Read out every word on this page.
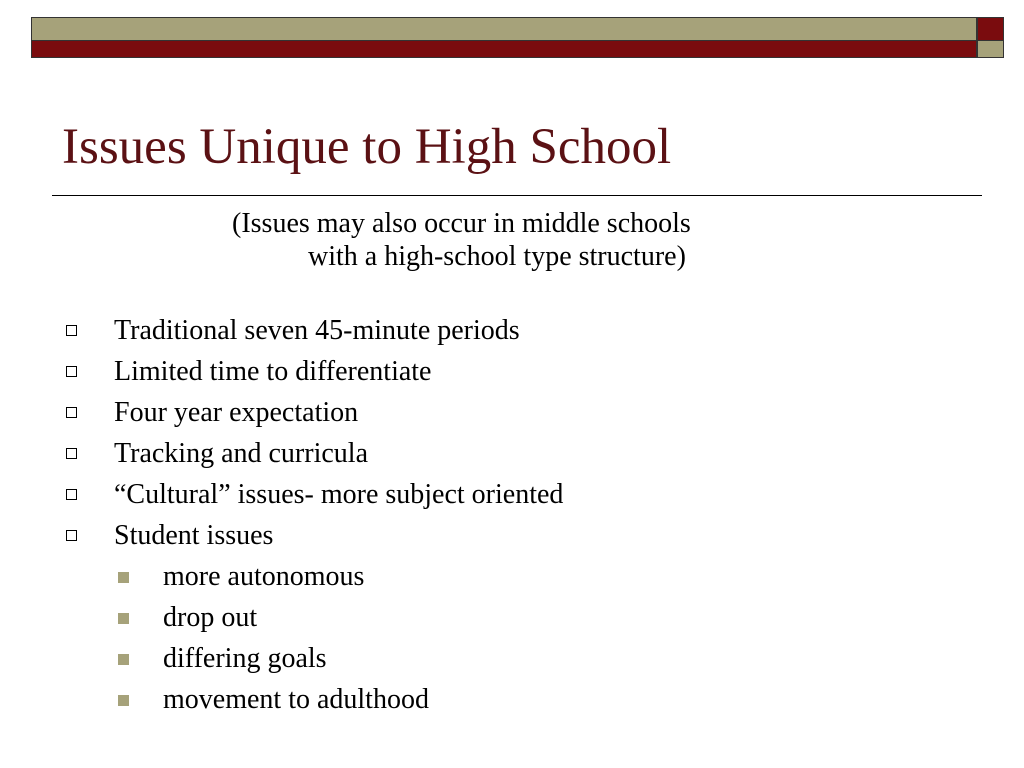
Issues Unique to High School
(Issues may also occur in middle schools
with a high-school type structure)
Traditional seven 45-minute periods
Limited time to differentiate
Four year expectation
Tracking and curricula
“Cultural” issues- more subject oriented
Student issues
more autonomous
drop out
differing goals
movement to adulthood
